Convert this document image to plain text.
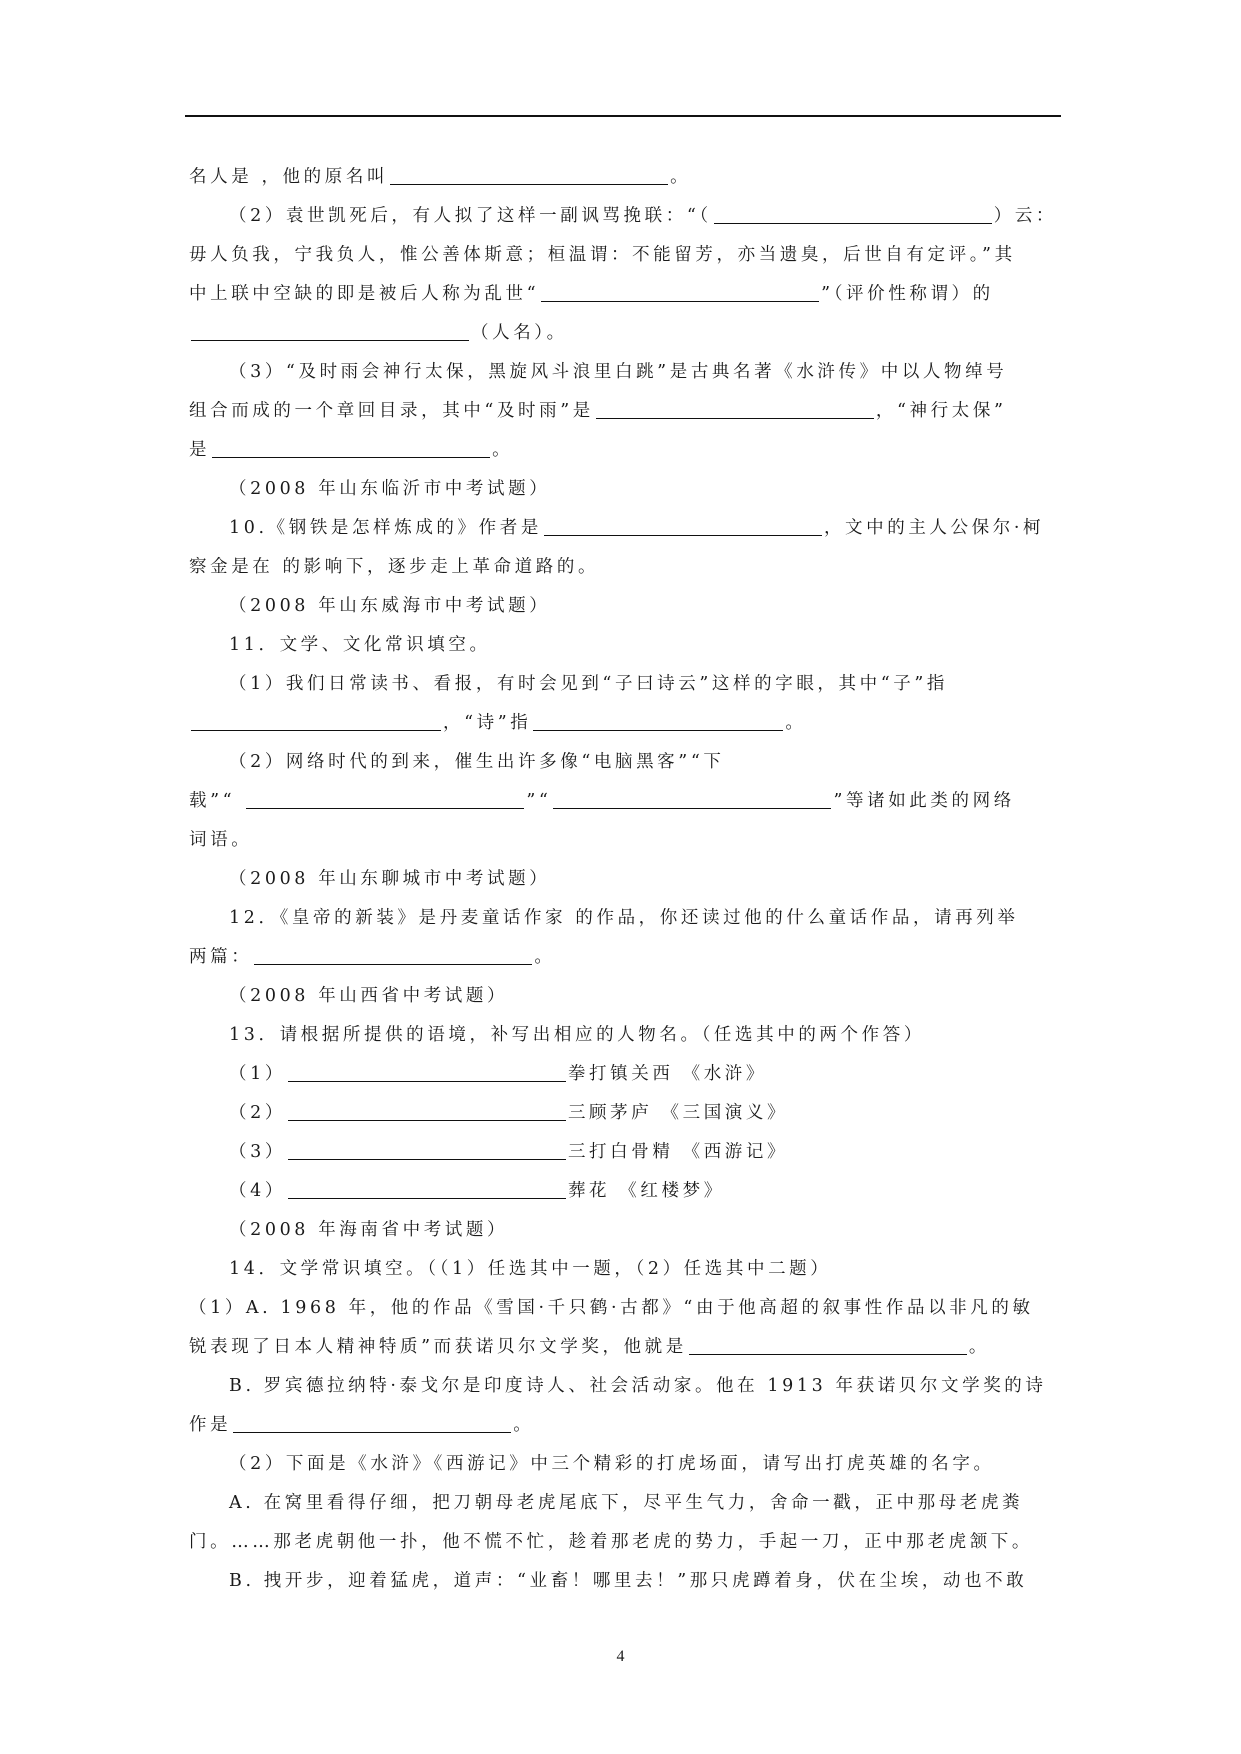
名人是 ，他的原名叫	。
（2）袁世凯死后，有人拟了这样一副讽骂挽联：“（	）云：
毋人负我，宁我负人，惟公善体斯意；桓温谓：不能留芳，亦当遗臭，后世自有定评。”其
中上联中空缺的即是被后人称为乱世“	”（评价性称谓）的
（人名）。
（3）“及时雨会神行太保，黑旋风斗浪里白跳”是古典名著《水浒传》中以人物绰号
组合而成的一个章回目录，其中“及时雨”是	，“神行太保”
是	。
（2008 年山东临沂市中考试题）
10.《钢铁是怎样炼成的》作者是	，文中的主人公保尔·柯
察金是在 的影响下，逐步走上革命道路的。
（2008 年山东威海市中考试题）
11．文学、文化常识填空。
（1）我们日常读书、看报，有时会见到“子曰诗云”这样的字眼，其中“子”指
，“诗”指	。
（2）网络时代的到来，催生出许多像“电脑黑客”“下
载”“	”“	”等诸如此类的网络
词语。
（2008 年山东聊城市中考试题）
12．《皇帝的新装》是丹麦童话作家 的作品，你还读过他的什么童话作品，请再列举
两篇：	。
（2008 年山西省中考试题）
13．请根据所提供的语境，补写出相应的人物名。（任选其中的两个作答）
（1）	拳打镇关西 《水浒》
（2）	三顾茅庐 《三国演义》
（3）	三打白骨精 《西游记》
（4）	葬花 《红楼梦》
（2008 年海南省中考试题）
14．文学常识填空。（（1）任选其中一题，（2）任选其中二题）
（1）A. 1968 年，他的作品《雪国·千只鹤·古都》“由于他高超的叙事性作品以非凡的敏
锐表现了日本人精神特质”而获诺贝尔文学奖，他就是	。
B. 罗宾德拉纳特·泰戈尔是印度诗人、社会活动家。他在 1913 年获诺贝尔文学奖的诗
作是	。
（2）下面是《水浒》《西游记》中三个精彩的打虎场面，请写出打虎英雄的名字。
A. 在窝里看得仔细，把刀朝母老虎尾底下，尽平生气力，舍命一戳，正中那母老虎粪
门。……那老虎朝他一扑，他不慌不忙，趁着那老虎的势力，手起一刀，正中那老虎颔下。
B. 拽开步，迎着猛虎，道声：“业畜！哪里去！”那只虎蹲着身，伏在尘埃，动也不敢
4
